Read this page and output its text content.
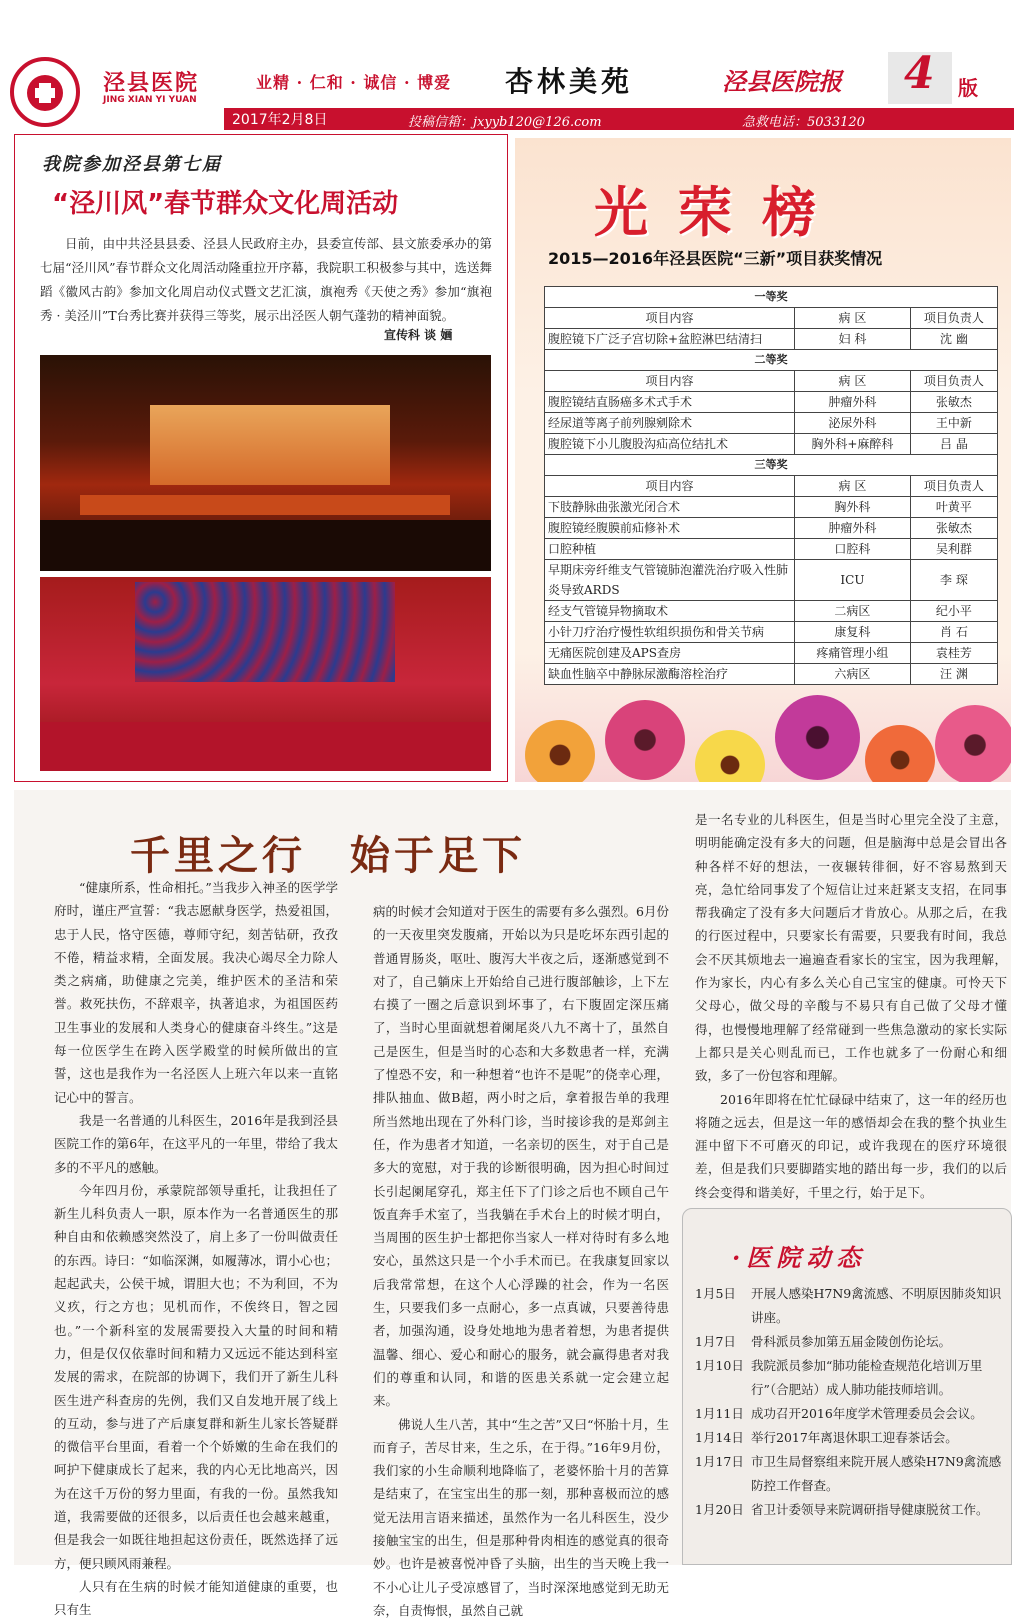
泾县医院
JING XIAN YI YUAN
业精 · 仁和 · 诚信 · 博爱 杏林美苑	泾县医院报 4 版
2017年2月8日	投稿信箱：jxyyb120@126.com	急救电话：5033120
我院参加泾县第七届
“泾川风”春节群众文化周活动
日前，由中共泾县县委、泾县人民政府主办，县委宣传部、县文旅委承办的第七届“泾川风”春节群众文化周活动隆重拉开序幕，我院职工积极参与其中，选送舞蹈《徽风古韵》参加文化周启动仪式暨文艺汇演，旗袍秀《天使之秀》参加“旗袍秀 · 美泾川”T台秀比赛并获得三等奖，展示出泾医人朝气蓬勃的精神面貌。
宣传科 谈 婳
光荣榜
2015—2016年泾县医院“三新”项目获奖情况
一等奖		
项目内容	病 区	项目负责人
腹腔镜下广泛子宫切除+盆腔淋巴结清扫	妇 科	沈 幽
二等奖		
项目内容	病 区	项目负责人
腹腔镜结直肠癌多术式手术	肿瘤外科	张敏杰
经尿道等离子前列腺剜除术	泌尿外科	王中新
腹腔镜下小儿腹股沟疝高位结扎术	胸外科+麻醉科	吕 晶
三等奖		
项目内容	病 区	项目负责人
下肢静脉曲张激光闭合术	胸外科	叶黄平
腹腔镜经腹膜前疝修补术	肿瘤外科	张敏杰
口腔种植	口腔科	吴利群
早期床旁纤维支气管镜肺泡灌洗治疗吸入性肺炎导致ARDS	ICU	李 琛
经支气管镜异物摘取术	二病区	纪小平
小针刀疗治疗慢性软组织损伤和骨关节病	康复科	肖 石
无痛医院创建及APS查房	疼痛管理小组	袁桂芳
缺血性脑卒中静脉尿激酶溶栓治疗	六病区	汪 渊
千里之行　始于足下

“健康所系，性命相托。”当我步入神圣的医学学府时，谨庄严宣誓：“我志愿献身医学，热爱祖国，忠于人民，恪守医德，尊师守纪，刻苦钻研，孜孜不倦，精益求精，全面发展。我决心竭尽全力除人类之病痛，助健康之完美，维护医术的圣洁和荣誉。救死扶伤，不辞艰辛，执著追求，为祖国医药卫生事业的发展和人类身心的健康奋斗终生。”这是每一位医学生在跨入医学殿堂的时候所做出的宣誓，这也是我作为一名泾医人上班六年以来一直铭记心中的誓言。

我是一名普通的儿科医生，2016年是我到泾县医院工作的第6年，在这平凡的一年里，带给了我太多的不平凡的感触。

今年四月份，承蒙院部领导重托，让我担任了新生儿科负责人一职，原本作为一名普通医生的那种自由和依赖感突然没了，肩上多了一份叫做责任的东西。诗曰：“如临深渊，如履薄冰，谓小心也；起起武夫，公侯干城，谓胆大也；不为利回，不为义疚，行之方也；见机而作，不俟终日，智之园也。”一个新科室的发展需要投入大量的时间和精力，但是仅仅依靠时间和精力又远远不能达到科室发展的需求，在院部的协调下，我们开了新生儿科医生进产科查房的先例，我们又自发地开展了线上的互动，参与进了产后康复群和新生儿家长答疑群的微信平台里面，看着一个个娇嫩的生命在我们的呵护下健康成长了起来，我的内心无比地高兴，因为在这千万份的努力里面，有我的一份。虽然我知道，我需要做的还很多，以后责任也会越来越重，但是我会一如既往地担起这份责任，既然选择了远方，便只顾风雨兼程。

人只有在生病的时候才能知道健康的重要，也只有生

病的时候才会知道对于医生的需要有多么强烈。6月份的一天夜里突发腹痛，开始以为只是吃坏东西引起的普通胃肠炎，呕吐、腹泻大半夜之后，逐渐感觉到不对了，自己躺床上开始给自己进行腹部触诊，上下左右摸了一圈之后意识到坏事了，右下腹固定深压痛了，当时心里面就想着阑尾炎八九不离十了，虽然自己是医生，但是当时的心态和大多数患者一样，充满了惶恐不安，和一种想着“也许不是呢”的侥幸心理，排队抽血、做B超，两小时之后，拿着报告单的我理所当然地出现在了外科门诊，当时接诊我的是郑剑主任，作为患者才知道，一名亲切的医生，对于自己是多大的宽慰，对于我的诊断很明确，因为担心时间过长引起阑尾穿孔，郑主任下了门诊之后也不顾自己午饭直奔手术室了，当我躺在手术台上的时候才明白，当周围的医生护士都把你当家人一样对待时有多么地安心，虽然这只是一个小手术而已。在我康复回家以后我常常想，在这个人心浮躁的社会，作为一名医生，只要我们多一点耐心，多一点真诚，只要善待患者，加强沟通，设身处地地为患者着想，为患者提供温馨、细心、爱心和耐心的服务，就会赢得患者对我们的尊重和认同，和谐的医患关系就一定会建立起来。

佛说人生八苦，其中“生之苦”又曰“怀胎十月，生而育子，苦尽甘来，生之乐，在于得。”16年9月份，我们家的小生命顺利地降临了，老婆怀胎十月的苦算是结束了，在宝宝出生的那一刻，那种喜极而泣的感觉无法用言语来描述，虽然作为一名儿科医生，没少接触宝宝的出生，但是那种骨肉相连的感觉真的很奇妙。也许是被喜悦冲昏了头脑，出生的当天晚上我一不小心让儿子受凉感冒了，当时深深地感觉到无助无奈，自责悔恨，虽然自己就

是一名专业的儿科医生，但是当时心里完全没了主意，明明能确定没有多大的问题，但是脑海中总是会冒出各种各样不好的想法，一夜辗转徘徊，好不容易熬到天亮，急忙给同事发了个短信让过来赶紧支支招，在同事帮我确定了没有多大问题后才肯放心。从那之后，在我的行医过程中，只要家长有需要，只要我有时间，我总会不厌其烦地去一遍遍查看家长的宝宝，因为我理解，作为家长，内心有多么关心自己宝宝的健康。可怜天下父母心，做父母的辛酸与不易只有自己做了父母才懂得，也慢慢地理解了经常碰到一些焦急激动的家长实际上都只是关心则乱而已，工作也就多了一份耐心和细致，多了一份包容和理解。

2016年即将在忙忙碌碌中结束了，这一年的经历也将随之远去，但是这一年的感悟却会在我的整个执业生涯中留下不可磨灭的印记，或许我现在的医疗环境很差，但是我们只要脚踏实地的踏出每一步，我们的以后终会变得和谐美好，千里之行，始于足下。

·医院动态
1月5日	开展人感染H7N9禽流感、不明原因肺炎知识讲座。
1月7日	骨科派员参加第五届金陵创伤论坛。
1月10日 我院派员参加“肺功能检查规范化培训万里行”（合肥站）成人肺功能技师培训。
1月11日 成功召开2016年度学术管理委员会会议。
1月14日 举行2017年离退休职工迎春茶话会。
1月17日 市卫生局督察组来院开展人感染H7N9禽流感防控工作督查。
1月20日 省卫计委领导来院调研指导健康脱贫工作。
